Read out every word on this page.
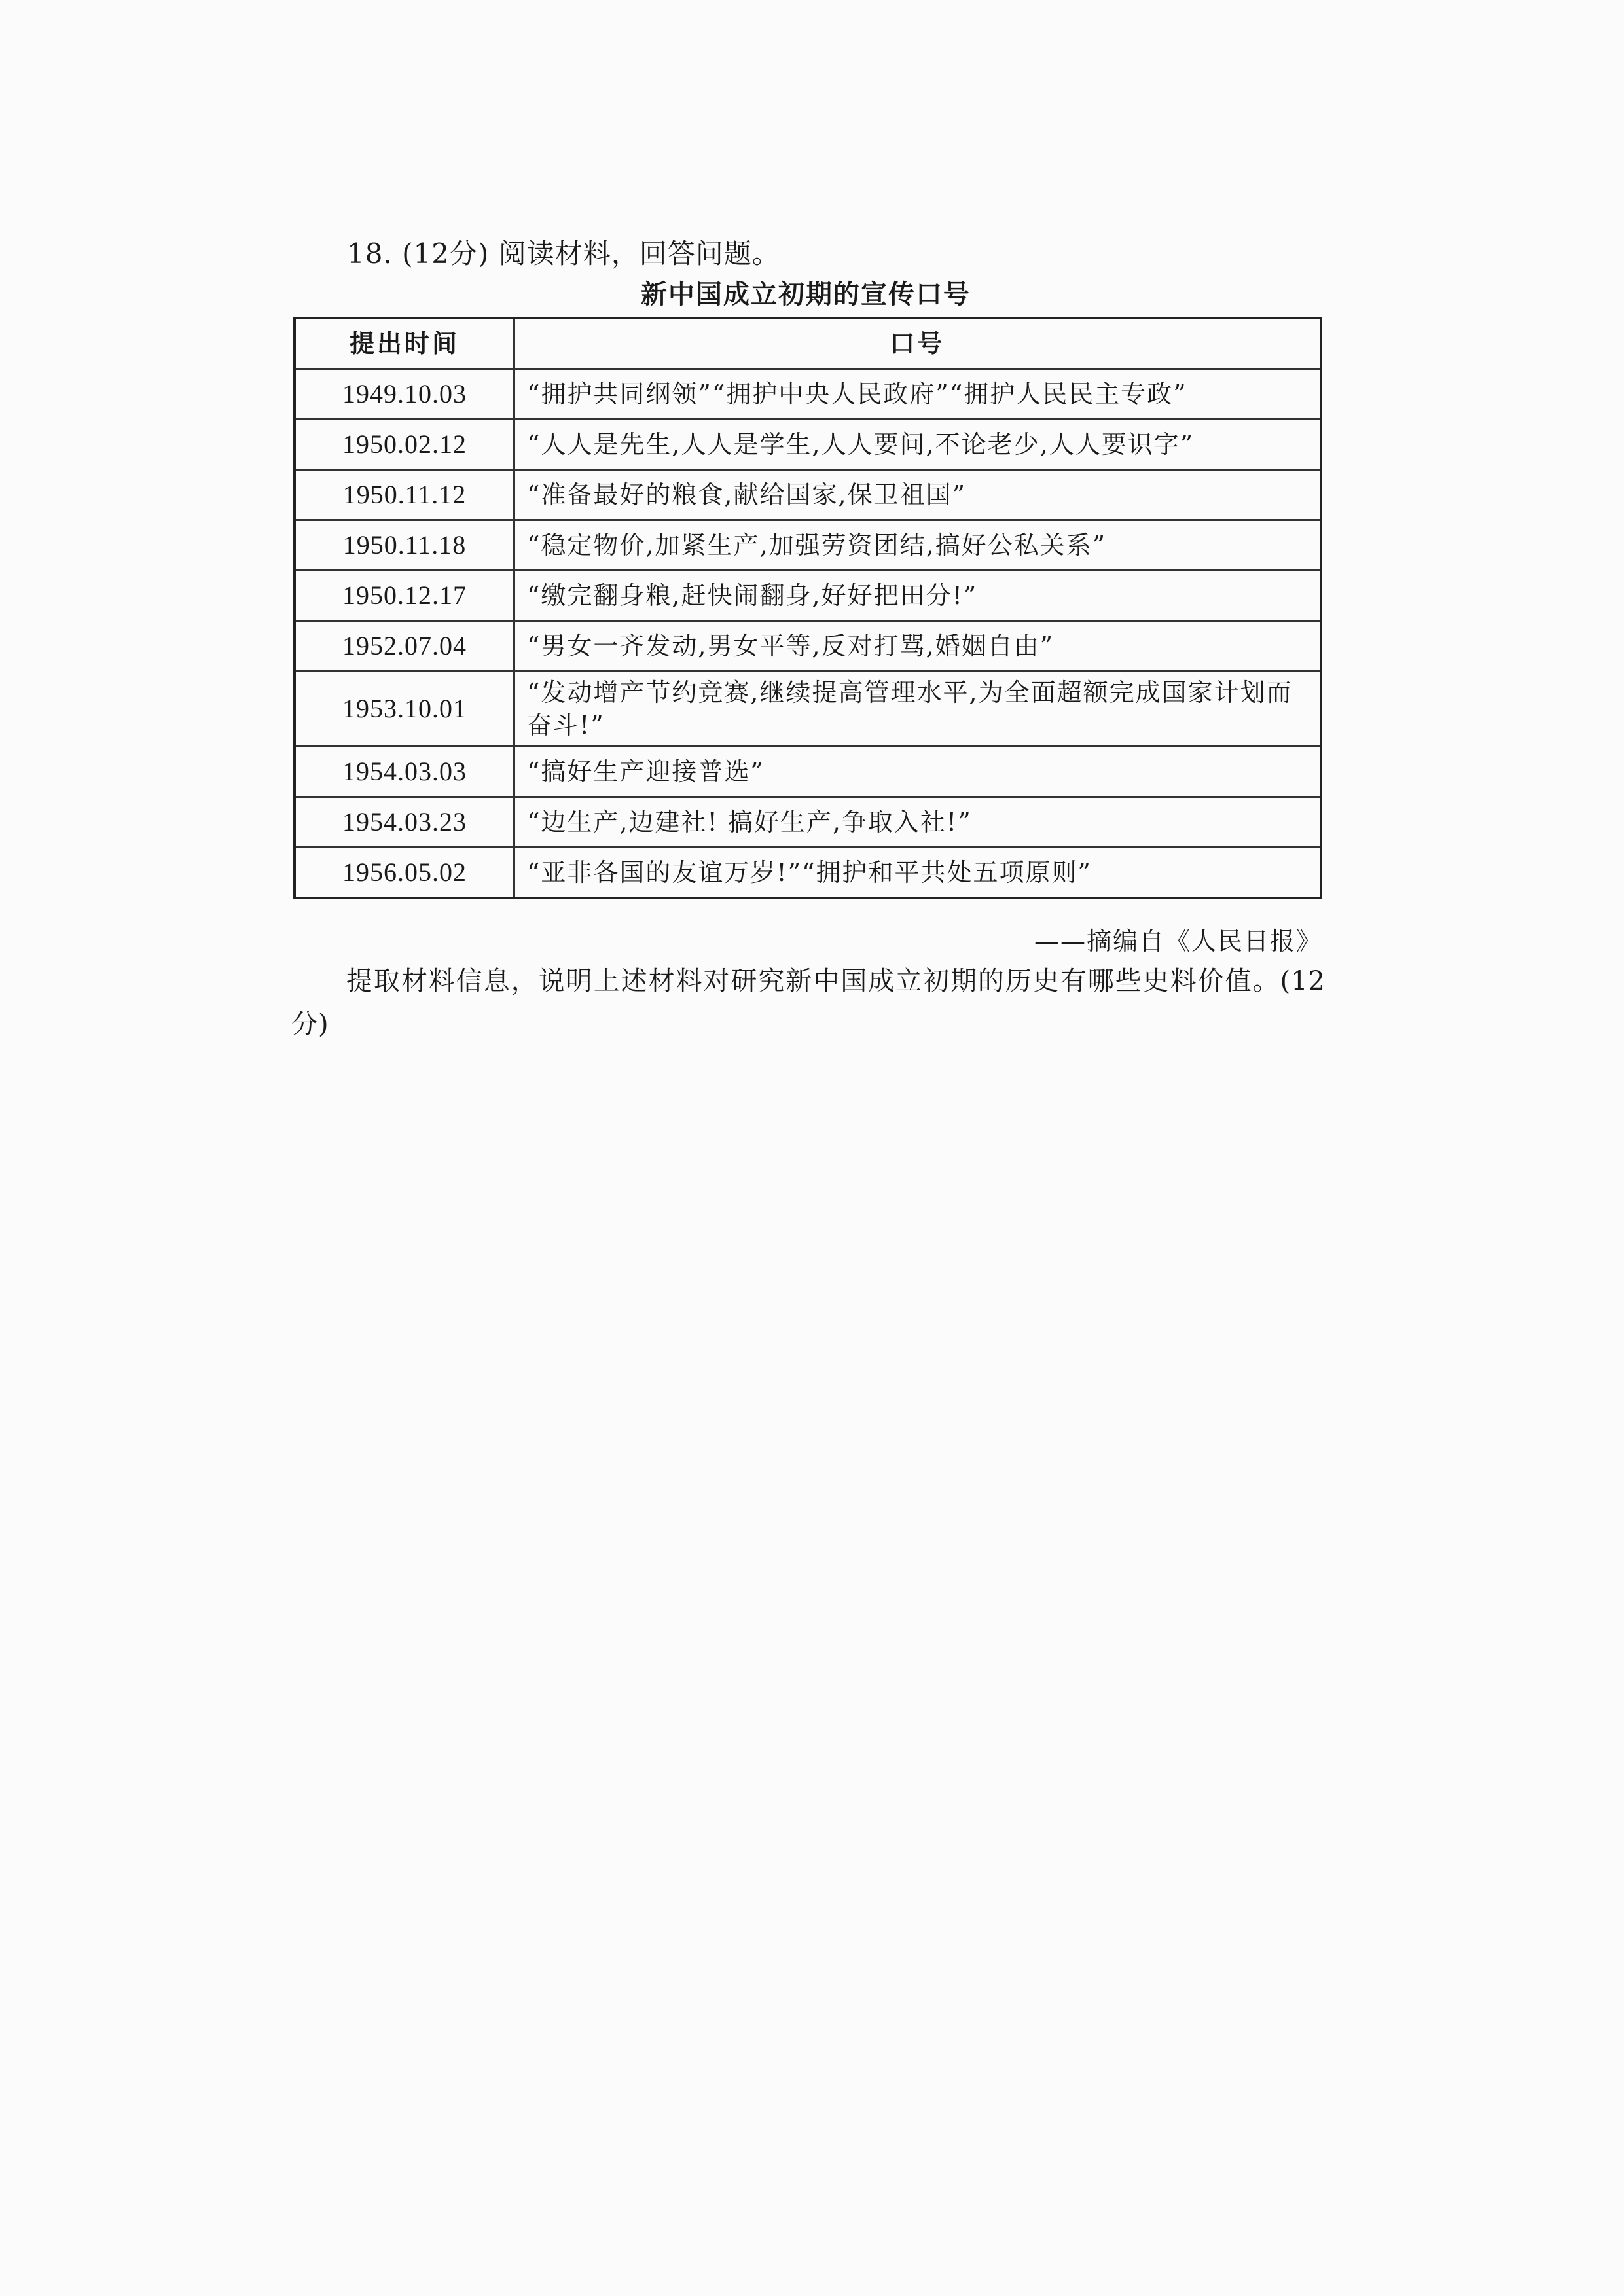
18. (12分) 阅读材料，回答问题。
新中国成立初期的宣传口号
提出时间	口号
1949.10.03	“拥护共同纲领”“拥护中央人民政府”“拥护人民民主专政”
1950.02.12	“人人是先生,人人是学生,人人要问,不论老少,人人要识字”
1950.11.12	“准备最好的粮食,献给国家,保卫祖国”
1950.11.18	“稳定物价,加紧生产,加强劳资团结,搞好公私关系”
1950.12.17	“缴完翻身粮,赶快闹翻身,好好把田分!”
1952.07.04	“男女一齐发动,男女平等,反对打骂,婚姻自由”
1953.10.01	“发动增产节约竞赛,继续提高管理水平,为全面超额完成国家计划而奋斗!”
1954.03.03	“搞好生产迎接普选”
1954.03.23	“边生产,边建社! 搞好生产,争取入社!”
1956.05.02	“亚非各国的友谊万岁!”“拥护和平共处五项原则”
——摘编自《人民日报》
提取材料信息，说明上述材料对研究新中国成立初期的历史有哪些史料价值。(12分)
